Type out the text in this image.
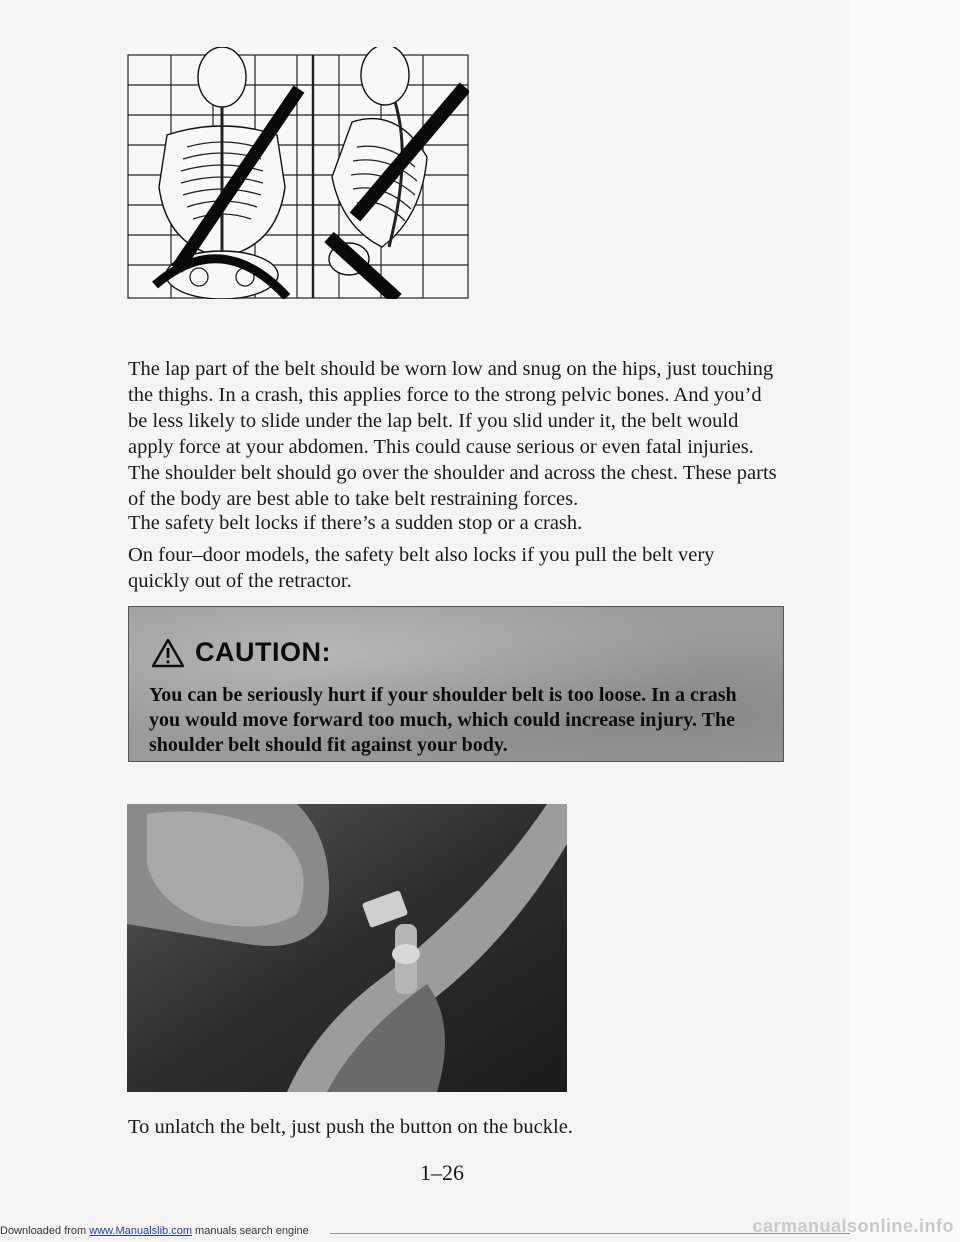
The lap part of the belt should be worn low and snug on the hips, just touching the thighs. In a crash, this applies force to the strong pelvic bones. And you’d be less likely to slide under the lap belt. If you slid under it, the belt would apply force at your abdomen. This could cause serious or even fatal injuries. The shoulder belt should go over the shoulder and across the chest. These parts of the body are best able to take belt restraining forces.
The safety belt locks if there’s a sudden stop or a crash.
On four–door models, the safety belt also locks if you pull the belt very quickly out of the retractor.
CAUTION:
You can be seriously hurt if your shoulder belt is too loose. In a crash you would move forward too much, which could increase injury. The shoulder belt should fit against your body.
To unlatch the belt, just push the button on the buckle.
1–26
Downloaded from www.Manualslib.com manuals search engine	carmanualsonline.info
